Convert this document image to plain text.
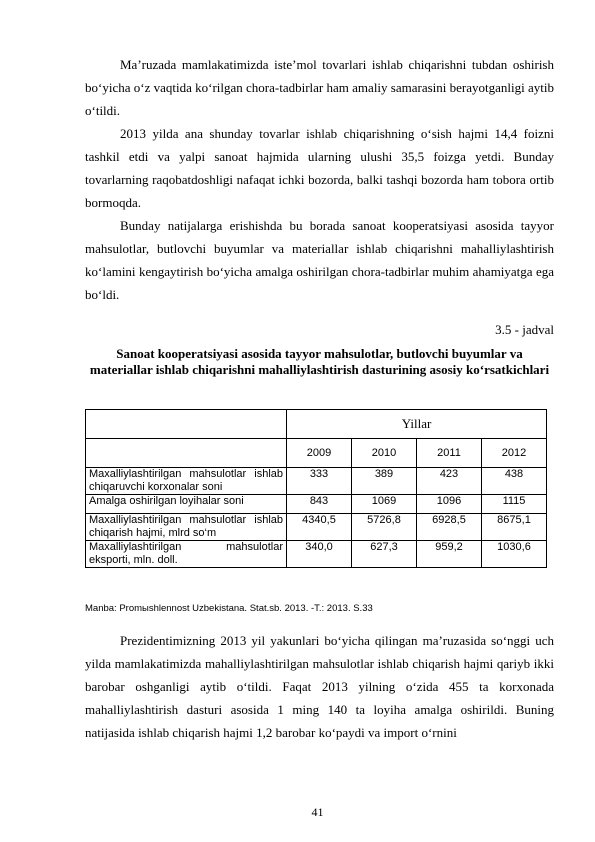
Ma’ruzada mamlakatimizda iste’mol tovarlari ishlab chiqarishni tubdan oshirish bo‘yicha o‘z vaqtida ko‘rilgan chora-tadbirlar ham amaliy samarasini berayotganligi aytib o‘tildi.

2013 yilda ana shunday tovarlar ishlab chiqarishning o‘sish hajmi 14,4 foizni tashkil etdi va yalpi sanoat hajmida ularning ulushi 35,5 foizga yetdi. Bunday tovarlarning raqobatdoshligi nafaqat ichki bozorda, balki tashqi bozorda ham tobora ortib bormoqda.

Bunday natijalarga erishishda bu borada sanoat kooperatsiyasi asosida tayyor mahsulotlar, butlovchi buyumlar va materiallar ishlab chiqarishni mahalliylashtirish ko‘lamini kengaytirish bo‘yicha amalga oshirilgan chora-tadbirlar muhim ahamiyatga ega bo‘ldi.

3.5 - jadval
Sanoat kooperatsiyasi asosida tayyor mahsulotlar, butlovchi buyumlar va materiallar ishlab chiqarishni mahalliylashtirish dasturining asosiy ko‘rsatkichlari
	Yillar			
	2009	2010	2011	2012
Maxalliylashtirilgan mahsulotlar ishlab chiqaruvchi korxonalar soni	333	389	423	438
Amalga oshirilgan loyihalar soni	843	1069	1096	1115
Maxalliylashtirilgan mahsulotlar ishlab chiqarish hajmi, mlrd so‘m	4340,5	5726,8	6928,5	8675,1
Maxalliylashtirilgan mahsulotlar eksporti, mln. doll.	340,0	627,3	959,2	1030,6
Manba: Promыshlennost Uzbekistana. Stat.sb. 2013. -T.: 2013. S.33

Prezidentimizning 2013 yil yakunlari bo‘yicha qilingan ma’ruzasida so‘nggi uch yilda mamlakatimizda mahalliylashtirilgan mahsulotlar ishlab chiqarish hajmi qariyb ikki barobar oshganligi aytib o‘tildi. Faqat 2013 yilning o‘zida 455 ta korxonada mahalliylashtirish dasturi asosida 1 ming 140 ta loyiha amalga oshirildi. Buning natijasida ishlab chiqarish hajmi 1,2 barobar ko‘paydi va import o‘rnini

41
